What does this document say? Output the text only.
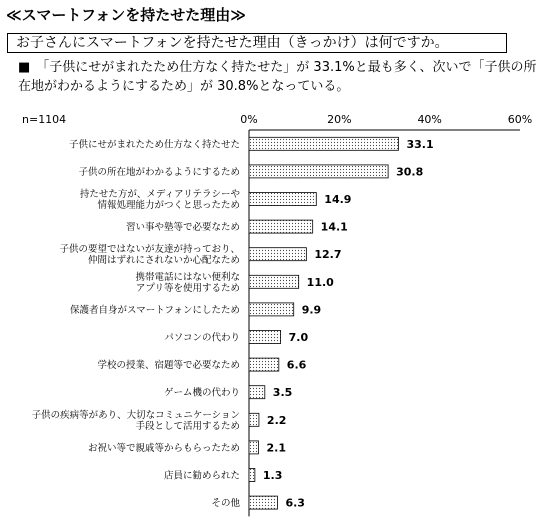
≪スマートフォンを持たせた理由≫
お子さんにスマートフォンを持たせた理由（きっかけ）は何ですか。
■ 「子供にせがまれたため仕方なく持たせた」が 33.1%と最も多く、次いで「子供の所在地がわかるようにするため」が 30.8%となっている。
n=1104	0%	20%	40%	60%
33.1
子供にせがまれたため仕方なく持たせた
30.8
子供の所在地がわかるようにするため
14.9
持たせた方が、メディアリテラシーや
情報処理能力がつくと思ったため
14.1
習い事や塾等で必要なため
12.7
子供の要望ではないが友達が持っており、
仲間はずれにされないか心配なため
11.0
携帯電話にはない便利な
アプリ等を使用するため
9.9
保護者自身がスマートフォンにしたため
7.0
パソコンの代わり
6.6
学校の授業、宿題等で必要なため
3.5
ゲーム機の代わり
2.2
子供の疾病等があり、大切なコミュニケーション
手段として活用するため
2.1
お祝い等で親戚等からもらったため
1.3
店員に勧められた
6.3
その他
